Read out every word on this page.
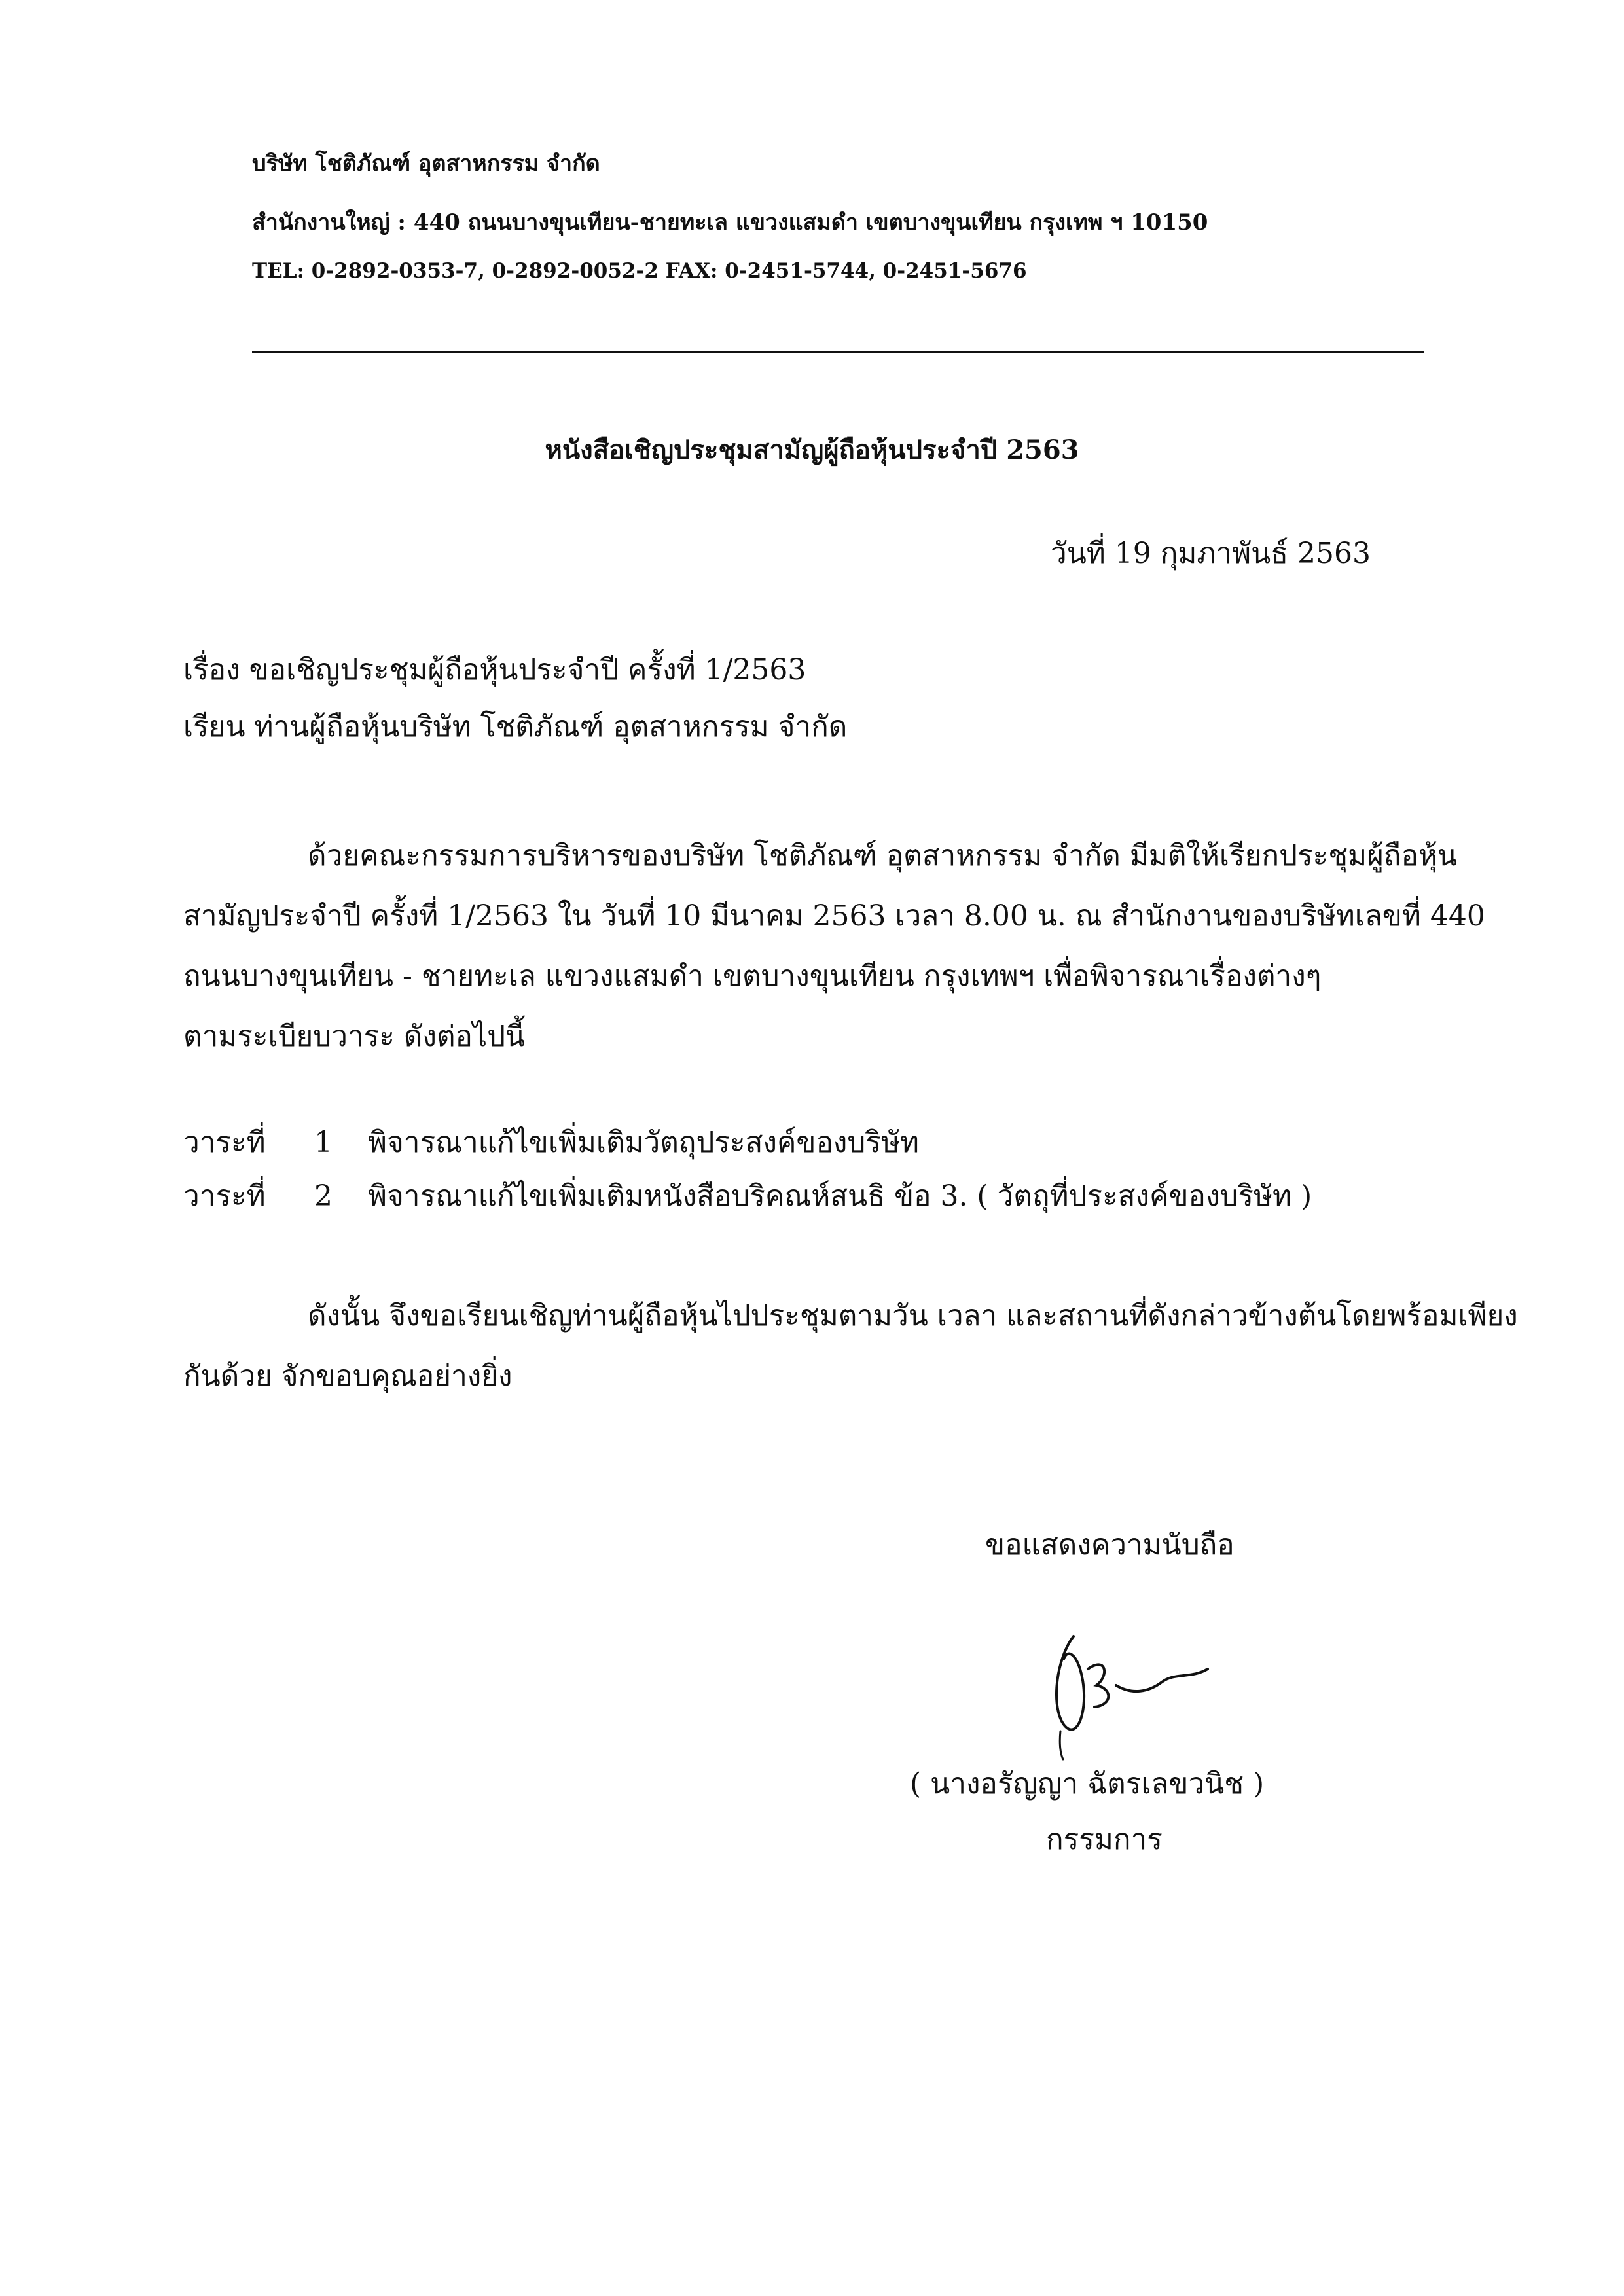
บริษัท โชติภัณฑ์ อุตสาหกรรม จำกัด
สำนักงานใหญ่ : 440 ถนนบางขุนเทียน-ชายทะเล แขวงแสมดำ เขตบางขุนเทียน กรุงเทพ ฯ 10150
TEL: 0-2892-0353-7, 0-2892-0052-2 FAX: 0-2451-5744, 0-2451-5676
หนังสือเชิญประชุมสามัญผู้ถือหุ้นประจำปี 2563
วันที่ 19 กุมภาพันธ์ 2563
เรื่อง ขอเชิญประชุมผู้ถือหุ้นประจำปี ครั้งที่ 1/2563
เรียน ท่านผู้ถือหุ้นบริษัท โชติภัณฑ์ อุตสาหกรรม จำกัด
ด้วยคณะกรรมการบริหารของบริษัท โชติภัณฑ์ อุตสาหกรรม จำกัด มีมติให้เรียกประชุมผู้ถือหุ้น
สามัญประจำปี ครั้งที่ 1/2563 ใน วันที่ 10 มีนาคม 2563 เวลา 8.00 น. ณ สำนักงานของบริษัทเลขที่ 440
ถนนบางขุนเทียน - ชายทะเล แขวงแสมดำ เขตบางขุนเทียน กรุงเทพฯ เพื่อพิจารณาเรื่องต่างๆ
ตามระเบียบวาระ ดังต่อไปนี้
วาระที่ 1 พิจารณาแก้ไขเพิ่มเติมวัตถุประสงค์ของบริษัท
วาระที่ 2 พิจารณาแก้ไขเพิ่มเติมหนังสือบริคณห์สนธิ ข้อ 3. ( วัตถุที่ประสงค์ของบริษัท )
ดังนั้น จึงขอเรียนเชิญท่านผู้ถือหุ้นไปประชุมตามวัน เวลา และสถานที่ดังกล่าวข้างต้นโดยพร้อมเพียง
กันด้วย จักขอบคุณอย่างยิ่ง
ขอแสดงความนับถือ
( นางอรัญญา ฉัตรเลขวนิช )
กรรมการ
